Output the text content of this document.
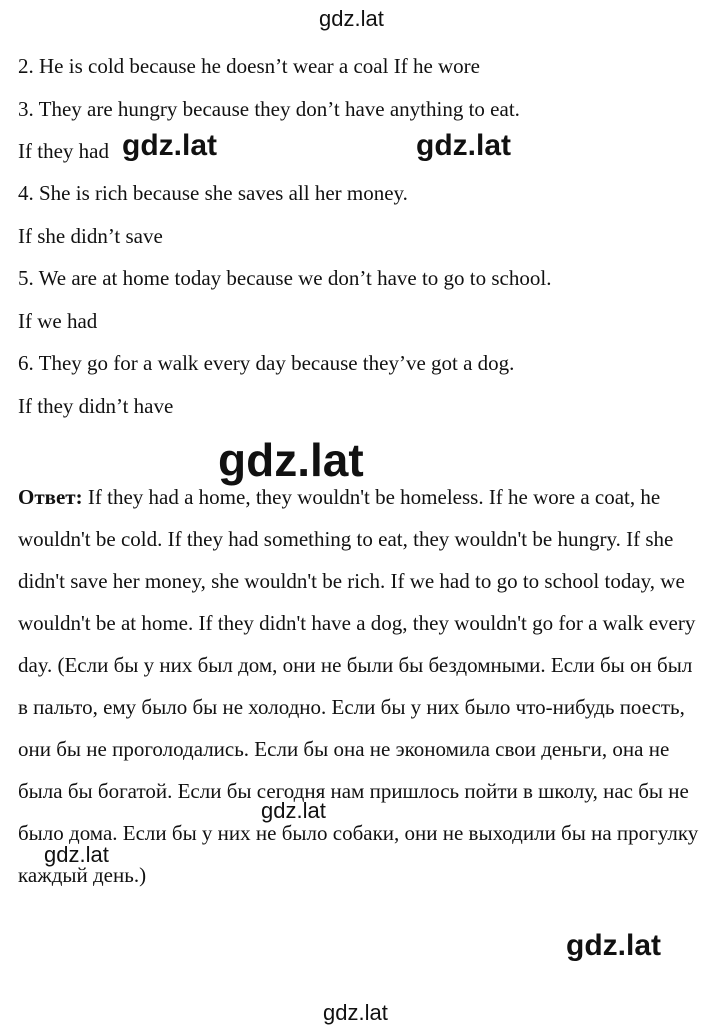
gdz.lat
2. He is cold because he doesn’t wear a coal If he wore
3. They are hungry because they don’t have anything to eat.
If they had
4. She is rich because she saves all her money.
If she didn’t save
5. We are at home today because we don’t have to go to school.
If we had
6. They go for a walk every day because they’ve got a dog.
If they didn’t have
Ответ: If they had a home, they wouldn't be homeless. If he wore a coat, he wouldn't be cold. If they had something to eat, they wouldn't be hungry. If she didn't save her money, she wouldn't be rich. If we had to go to school today, we wouldn't be at home. If they didn't have a dog, they wouldn't go for a walk every day. (Если бы у них был дом, они не были бы бездомными. Если бы он был в пальто, ему было бы не холодно. Если бы у них было что-нибудь поесть, они бы не проголодались. Если бы она не экономила свои деньги, она не была бы богатой. Если бы сегодня нам пришлось пойти в школу, нас бы не было дома. Если бы у них не было собаки, они не выходили бы на прогулку каждый день.)
gdz.lat	gdz.lat
gdz.lat
gdz.lat
gdz.lat
gdz.lat
gdz.lat
